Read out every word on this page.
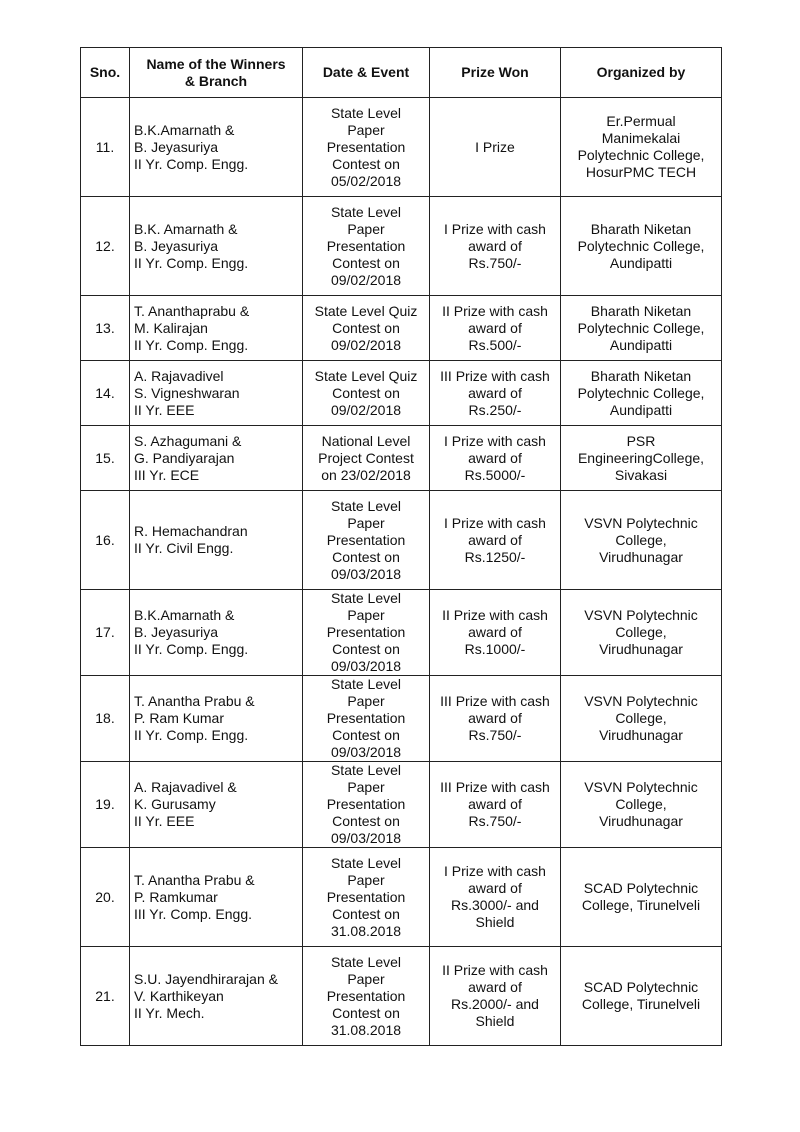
Sno.	Name of the Winners
& Branch	Date & Event	Prize Won	Organized by
11.	B.K.Amarnath &
B. Jeyasuriya
II Yr. Comp. Engg.	State Level
Paper
Presentation
Contest on
05/02/2018	I Prize	Er.Permual
Manimekalai
Polytechnic College,
HosurPMC TECH
12.	B.K. Amarnath &
B. Jeyasuriya
II Yr. Comp. Engg.	State Level
Paper
Presentation
Contest on
09/02/2018	I Prize with cash
award of
Rs.750/-	Bharath Niketan
Polytechnic College,
Aundipatti
13.	T. Ananthaprabu &
M. Kalirajan
II Yr. Comp. Engg.	State Level Quiz
Contest on
09/02/2018	II Prize with cash
award of
Rs.500/-	Bharath Niketan
Polytechnic College,
Aundipatti
14.	A. Rajavadivel
S. Vigneshwaran
II Yr. EEE	State Level Quiz
Contest on
09/02/2018	III Prize with cash
award of
Rs.250/-	Bharath Niketan
Polytechnic College,
Aundipatti
15.	S. Azhagumani &
G. Pandiyarajan
III Yr. ECE	National Level
Project Contest
on 23/02/2018	I Prize with cash
award of
Rs.5000/-	PSR
EngineeringCollege,
Sivakasi
16.	R. Hemachandran
II Yr. Civil Engg.	State Level
Paper
Presentation
Contest on
09/03/2018	I Prize with cash
award of
Rs.1250/-	VSVN Polytechnic
College,
Virudhunagar
17.	B.K.Amarnath &
B. Jeyasuriya
II Yr. Comp. Engg.	State Level
Paper
Presentation
Contest on
09/03/2018	II Prize with cash
award of
Rs.1000/-	VSVN Polytechnic
College,
Virudhunagar
18.	T. Anantha Prabu &
P. Ram Kumar
II Yr. Comp. Engg.	State Level
Paper
Presentation
Contest on
09/03/2018	III Prize with cash
award of
Rs.750/-	VSVN Polytechnic
College,
Virudhunagar
19.	A. Rajavadivel &
K. Gurusamy
II Yr. EEE	State Level
Paper
Presentation
Contest on
09/03/2018	III Prize with cash
award of
Rs.750/-	VSVN Polytechnic
College,
Virudhunagar
20.	T. Anantha Prabu &
P. Ramkumar
III Yr. Comp. Engg.	State Level
Paper
Presentation
Contest on
31.08.2018	I Prize with cash
award of
Rs.3000/- and
Shield	SCAD Polytechnic
College, Tirunelveli
21.	S.U. Jayendhirarajan &
V. Karthikeyan
II Yr. Mech.	State Level
Paper
Presentation
Contest on
31.08.2018	II Prize with cash
award of
Rs.2000/- and
Shield	SCAD Polytechnic
College, Tirunelveli
